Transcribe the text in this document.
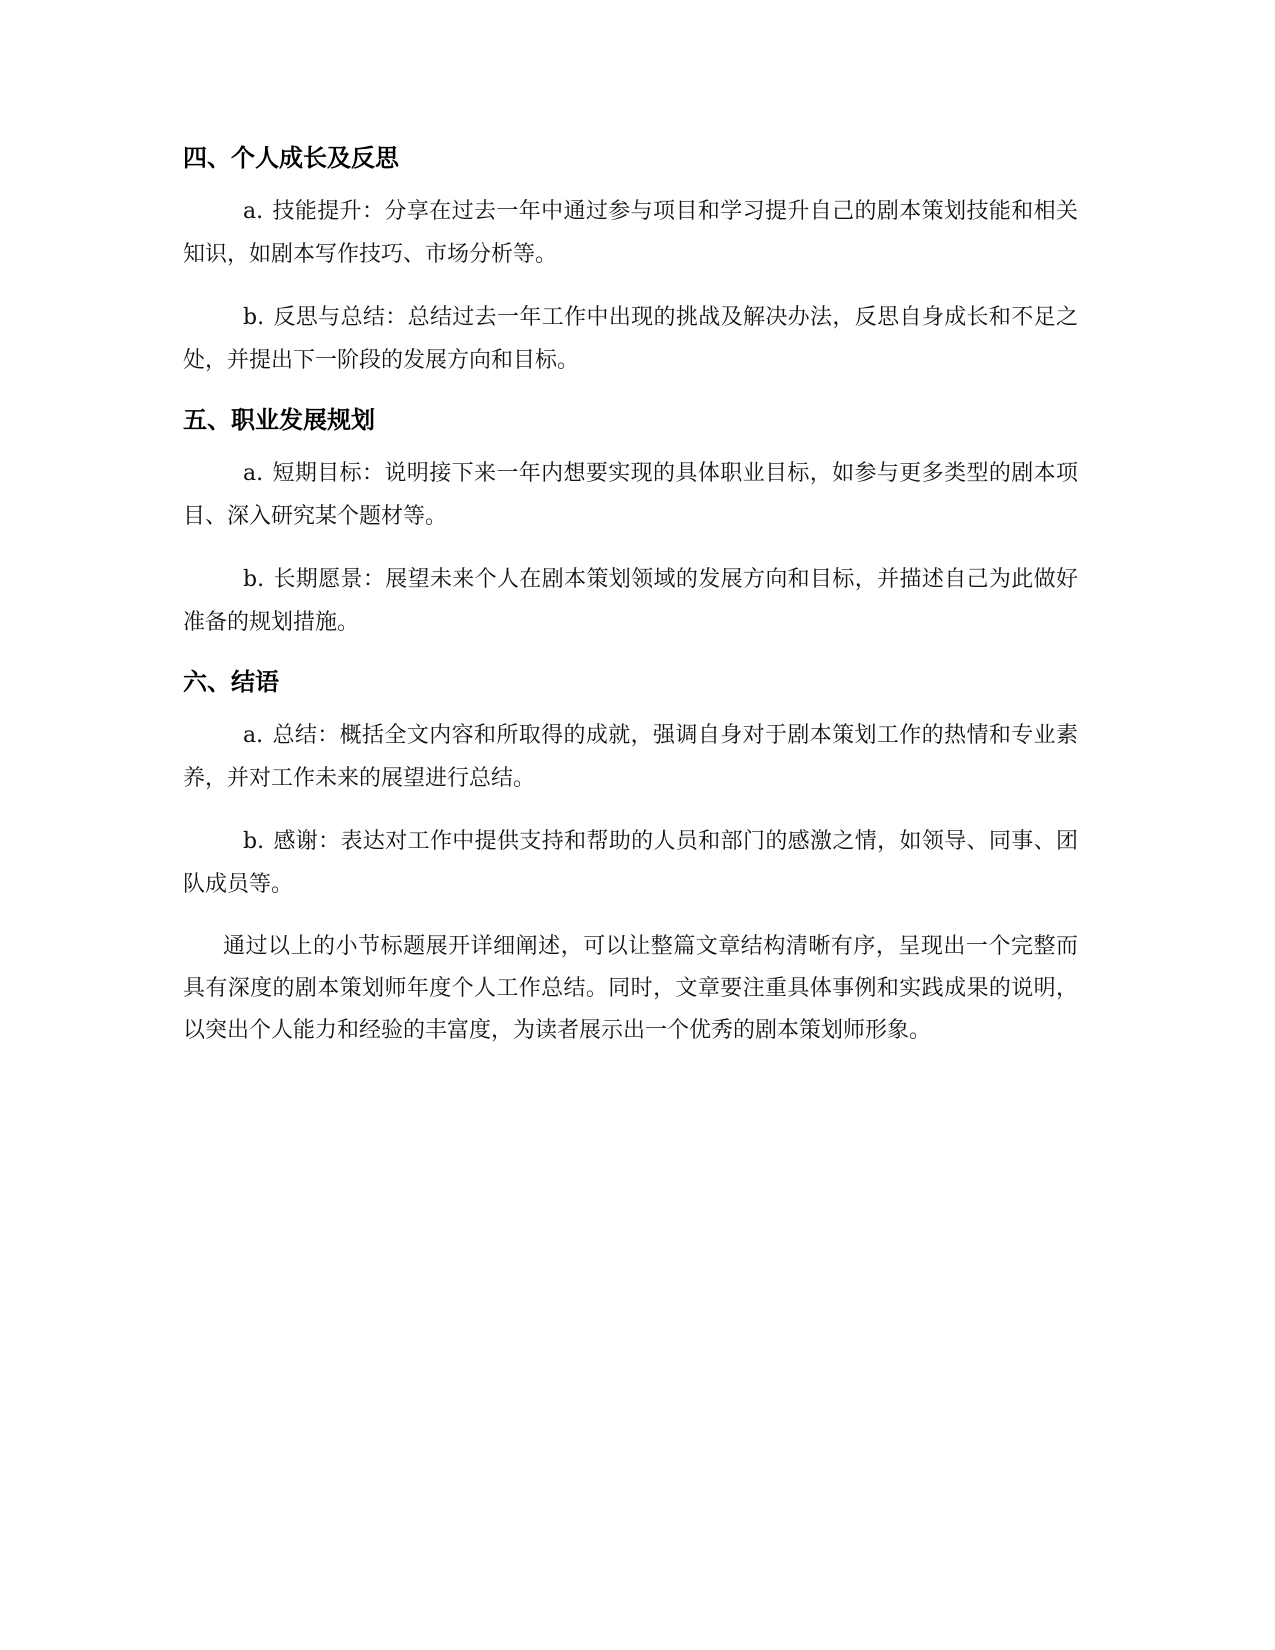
四、个人成长及反思

a. 技能提升：分享在过去一年中通过参与项目和学习提升自己的剧本策划技能和相关知识，如剧本写作技巧、市场分析等。

b. 反思与总结：总结过去一年工作中出现的挑战及解决办法，反思自身成长和不足之处，并提出下一阶段的发展方向和目标。

五、职业发展规划

a. 短期目标：说明接下来一年内想要实现的具体职业目标，如参与更多类型的剧本项目、深入研究某个题材等。

b. 长期愿景：展望未来个人在剧本策划领域的发展方向和目标，并描述自己为此做好准备的规划措施。

六、结语

a. 总结：概括全文内容和所取得的成就，强调自身对于剧本策划工作的热情和专业素养，并对工作未来的展望进行总结。

b. 感谢：表达对工作中提供支持和帮助的人员和部门的感激之情，如领导、同事、团队成员等。

通过以上的小节标题展开详细阐述，可以让整篇文章结构清晰有序，呈现出一个完整而具有深度的剧本策划师年度个人工作总结。同时，文章要注重具体事例和实践成果的说明，以突出个人能力和经验的丰富度，为读者展示出一个优秀的剧本策划师形象。
